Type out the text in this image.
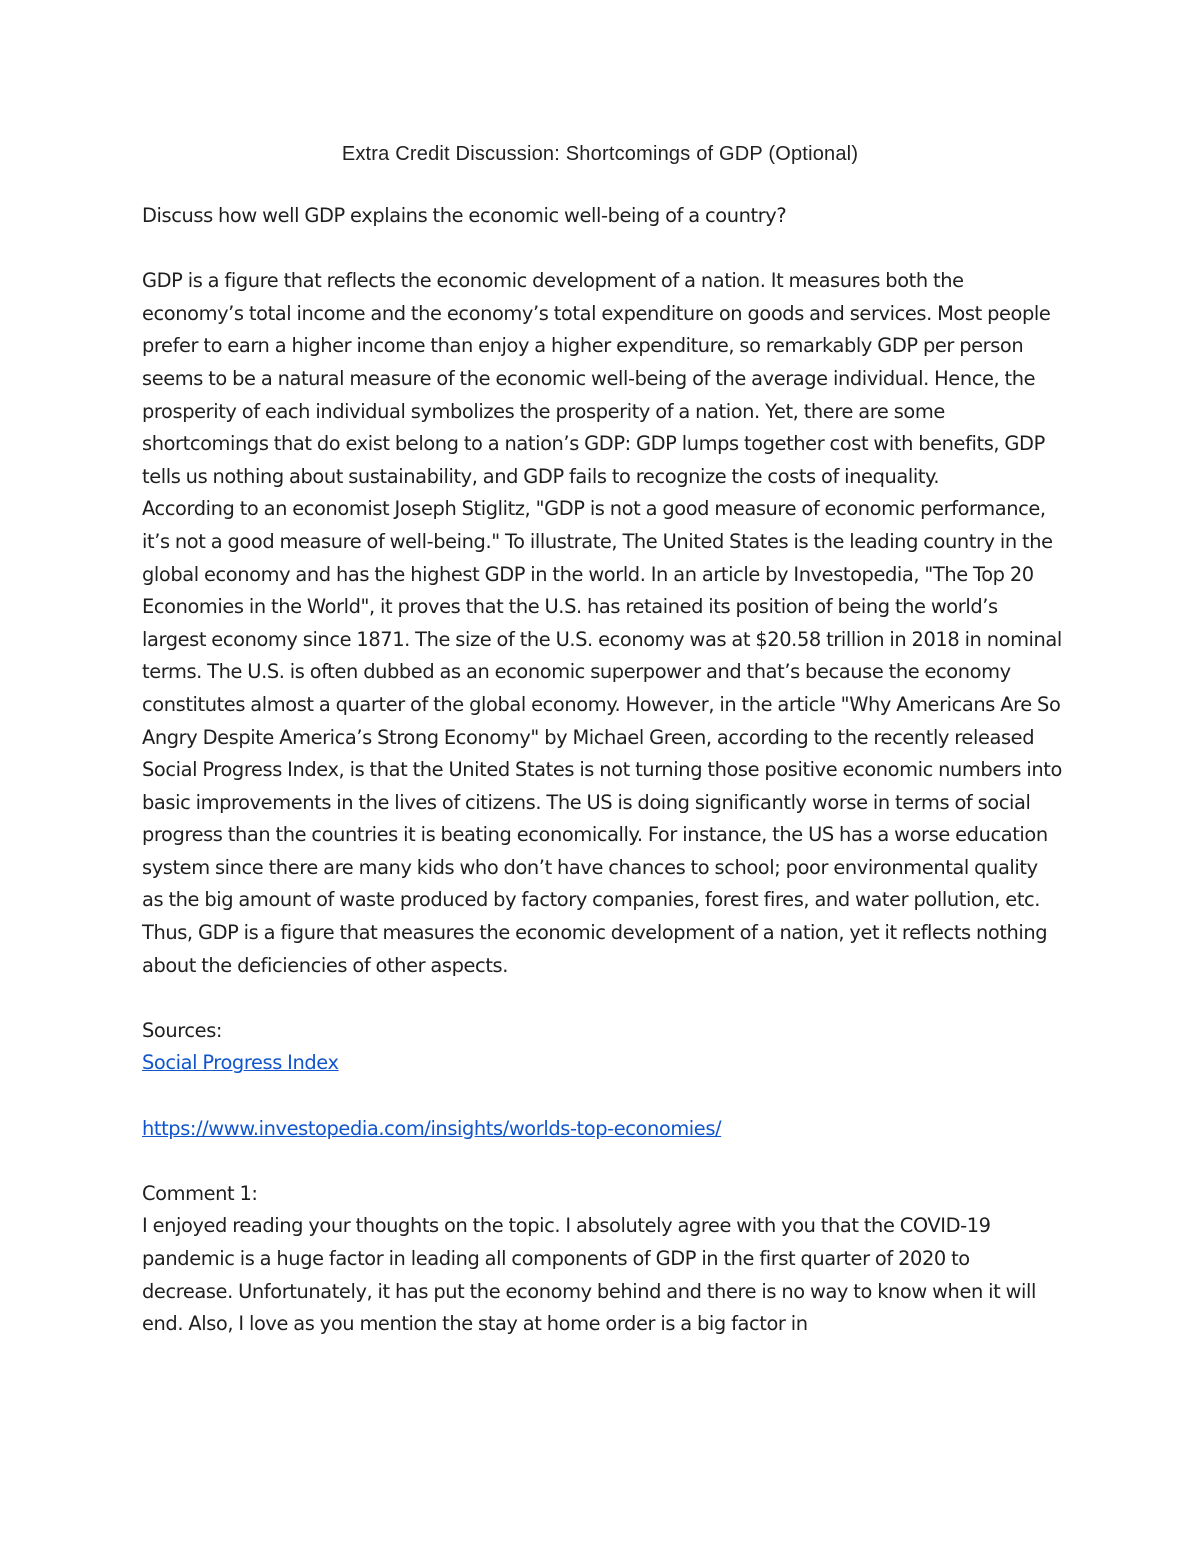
Extra Credit Discussion: Shortcomings of GDP (Optional)

Discuss how well GDP explains the economic well-being of a country?

GDP is a figure that reflects the economic development of a nation. It measures both the economy’s total income and the economy’s total expenditure on goods and services. Most people prefer to earn a higher income than enjoy a higher expenditure, so remarkably GDP per person seems to be a natural measure of the economic well-being of the average individual. Hence, the prosperity of each individual symbolizes the prosperity of a nation. Yet, there are some shortcomings that do exist belong to a nation’s GDP: GDP lumps together cost with benefits, GDP tells us nothing about sustainability, and GDP fails to recognize the costs of inequality.

According to an economist Joseph Stiglitz, "GDP is not a good measure of economic performance, it’s not a good measure of well-being." To illustrate, The United States is the leading country in the global economy and has the highest GDP in the world. In an article by Investopedia, "The Top 20 Economies in the World", it proves that the U.S. has retained its position of being the world’s largest economy since 1871. The size of the U.S. economy was at $20.58 trillion in 2018 in nominal terms. The U.S. is often dubbed as an economic superpower and that’s because the economy constitutes almost a quarter of the global economy. However, in the article "Why Americans Are So Angry Despite America’s Strong Economy" by Michael Green, according to the recently released Social Progress Index, is that the United States is not turning those positive economic numbers into basic improvements in the lives of citizens. The US is doing significantly worse in terms of social progress than the countries it is beating economically. For instance, the US has a worse education system since there are many kids who don’t have chances to school; poor environmental quality as the big amount of waste produced by factory companies, forest fires, and water pollution, etc. Thus, GDP is a figure that measures the economic development of a nation, yet it reflects nothing about the deficiencies of other aspects.

Sources:

Social Progress Index

https://www.investopedia.com/insights/worlds-top-economies/

Comment 1:

I enjoyed reading your thoughts on the topic. I absolutely agree with you that the COVID-19 pandemic is a huge factor in leading all components of GDP in the first quarter of 2020 to decrease. Unfortunately, it has put the economy behind and there is no way to know when it will end. Also, I love as you mention the stay at home order is a big factor in
